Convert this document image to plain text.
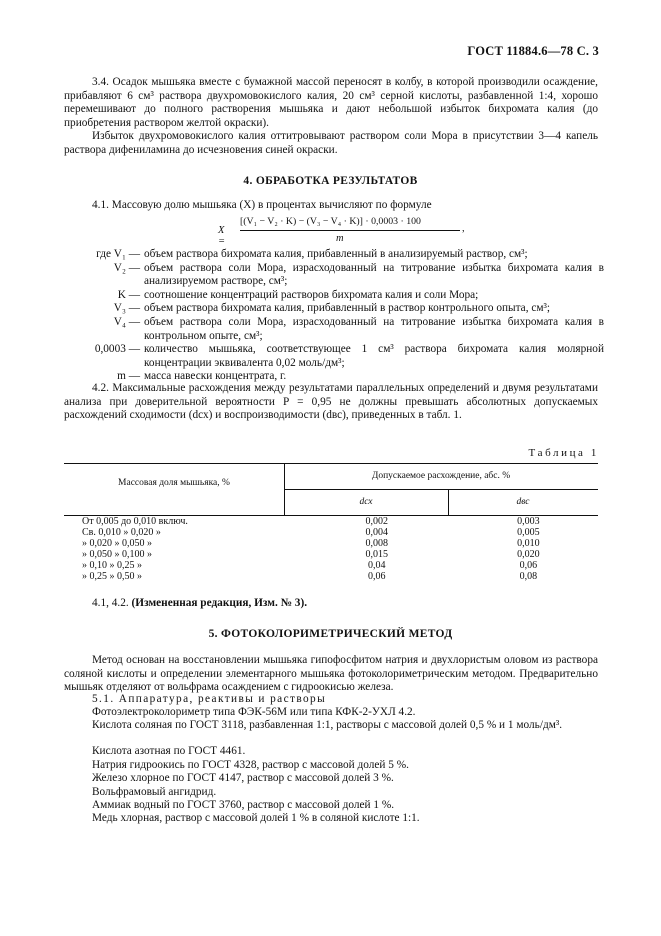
ГОСТ 11884.6—78 С. 3
3.4. Осадок мышьяка вместе с бумажной массой переносят в колбу, в которой производили осаждение, прибавляют 6 см³ раствора двухромовокислого калия, 20 см³ серной кислоты, разбавленной 1:4, хорошо перемешивают до полного растворения мышьяка и дают небольшой избыток бихромата калия (до приобретения раствором желтой окраски).
Избыток двухромовокислого калия оттитровывают раствором соли Мора в присутствии 3—4 капель раствора дифениламина до исчезновения синей окраски.
4. ОБРАБОТКА РЕЗУЛЬТАТОВ
4.1. Массовую долю мышьяка (X) в процентах вычисляют по формуле
X =
[(V₁ − V₂ · K) − (V₃ − V₄ · K)] · 0,0003 · 100
m
,
где V₁ — объем раствора бихромата калия, прибавленный в анализируемый раствор, см³;
V₂ — объем раствора соли Мора, израсходованный на титрование избытка бихромата калия в анализируемом растворе, см³;
K — соотношение концентраций растворов бихромата калия и соли Мора;
V₃ — объем раствора бихромата калия, прибавленный в раствор контрольного опыта, см³;
V₄ — объем раствора соли Мора, израсходованный на титрование избытка бихромата калия в контрольном опыте, см³;
0,0003 — количество мышьяка, соответствующее 1 см³ раствора бихромата калия молярной концентрации эквивалента 0,02 моль/дм³;
m — масса навески концентрата, г.
4.2. Максимальные расхождения между результатами параллельных определений и двумя результатами анализа при доверительной вероятности P = 0,95 не должны превышать абсолютных допускаемых расхождений сходимости (dсх) и воспроизводимости (dвс), приведенных в табл. 1.
Таблица 1
Массовая доля мышьяка, %
Допускаемое расхождение, абс. %
dсх	dвс
От 0,005 до 0,010 включ.	0,002	0,003
Св. 0,010 » 0,020 »	0,004	0,005
» 0,020 » 0,050 »	0,008	0,010
» 0,050 » 0,100 »	0,015	0,020
» 0,10 » 0,25 »	0,04	0,06
» 0,25 » 0,50 »	0,06	0,08
4.1, 4.2. (Измененная редакция, Изм. № 3).
5. ФОТОКОЛОРИМЕТРИЧЕСКИЙ МЕТОД
Метод основан на восстановлении мышьяка гипофосфитом натрия и двухлористым оловом из раствора соляной кислоты и определении элементарного мышьяка фотоколориметрическим методом. Предварительно мышьяк отделяют от вольфрама осаждением с гидроокисью железа.
5.1. Аппаратура, реактивы и растворы
Фотоэлектроколориметр типа ФЭК-56М или типа КФК-2-УХЛ 4.2.
Кислота соляная по ГОСТ 3118, разбавленная 1:1, растворы с массовой долей 0,5 % и 1 моль/дм³.
Кислота азотная по ГОСТ 4461.
Натрия гидроокись по ГОСТ 4328, раствор с массовой долей 5 %.
Железо хлорное по ГОСТ 4147, раствор с массовой долей 3 %.
Вольфрамовый ангидрид.
Аммиак водный по ГОСТ 3760, раствор с массовой долей 1 %.
Медь хлорная, раствор с массовой долей 1 % в соляной кислоте 1:1.
